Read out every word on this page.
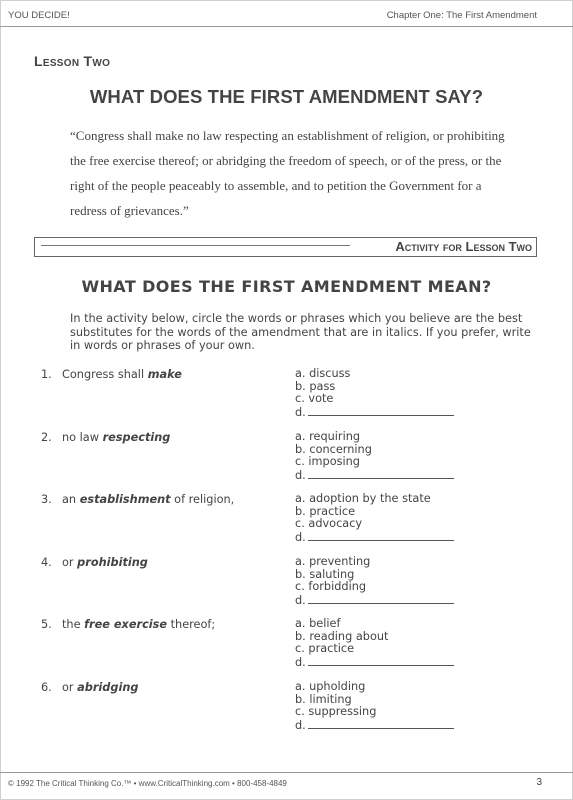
YOU DECIDE!	Chapter One: The First Amendment
Lesson Two
WHAT DOES THE FIRST AMENDMENT SAY?
“Congress shall make no law respecting an establishment of religion, or prohibiting the free exercise thereof; or abridging the freedom of speech, or of the press, or the right of the people peaceably to assemble, and to petition the Government for a redress of grievances.”
Activity for Lesson Two
WHAT DOES THE FIRST AMENDMENT MEAN?
In the activity below, circle the words or phrases which you believe are the best substitutes for the words of the amendment that are in italics. If you prefer, write in words or phrases of your own.
1. Congress shall make	a. discuss
b. pass
c. vote
d.
2. no law respecting	a. requiring
b. concerning
c. imposing
d.
3. an establishment of religion,	a. adoption by the state
b. practice
c. advocacy
d.
4. or prohibiting	a. preventing
b. saluting
c. forbidding
d.
5. the free exercise thereof;	a. belief
b. reading about
c. practice
d.
6. or abridging	a. upholding
b. limiting
c. suppressing
d.
© 1992 The Critical Thinking Co.™ • www.CriticalThinking.com • 800-458-4849	3
